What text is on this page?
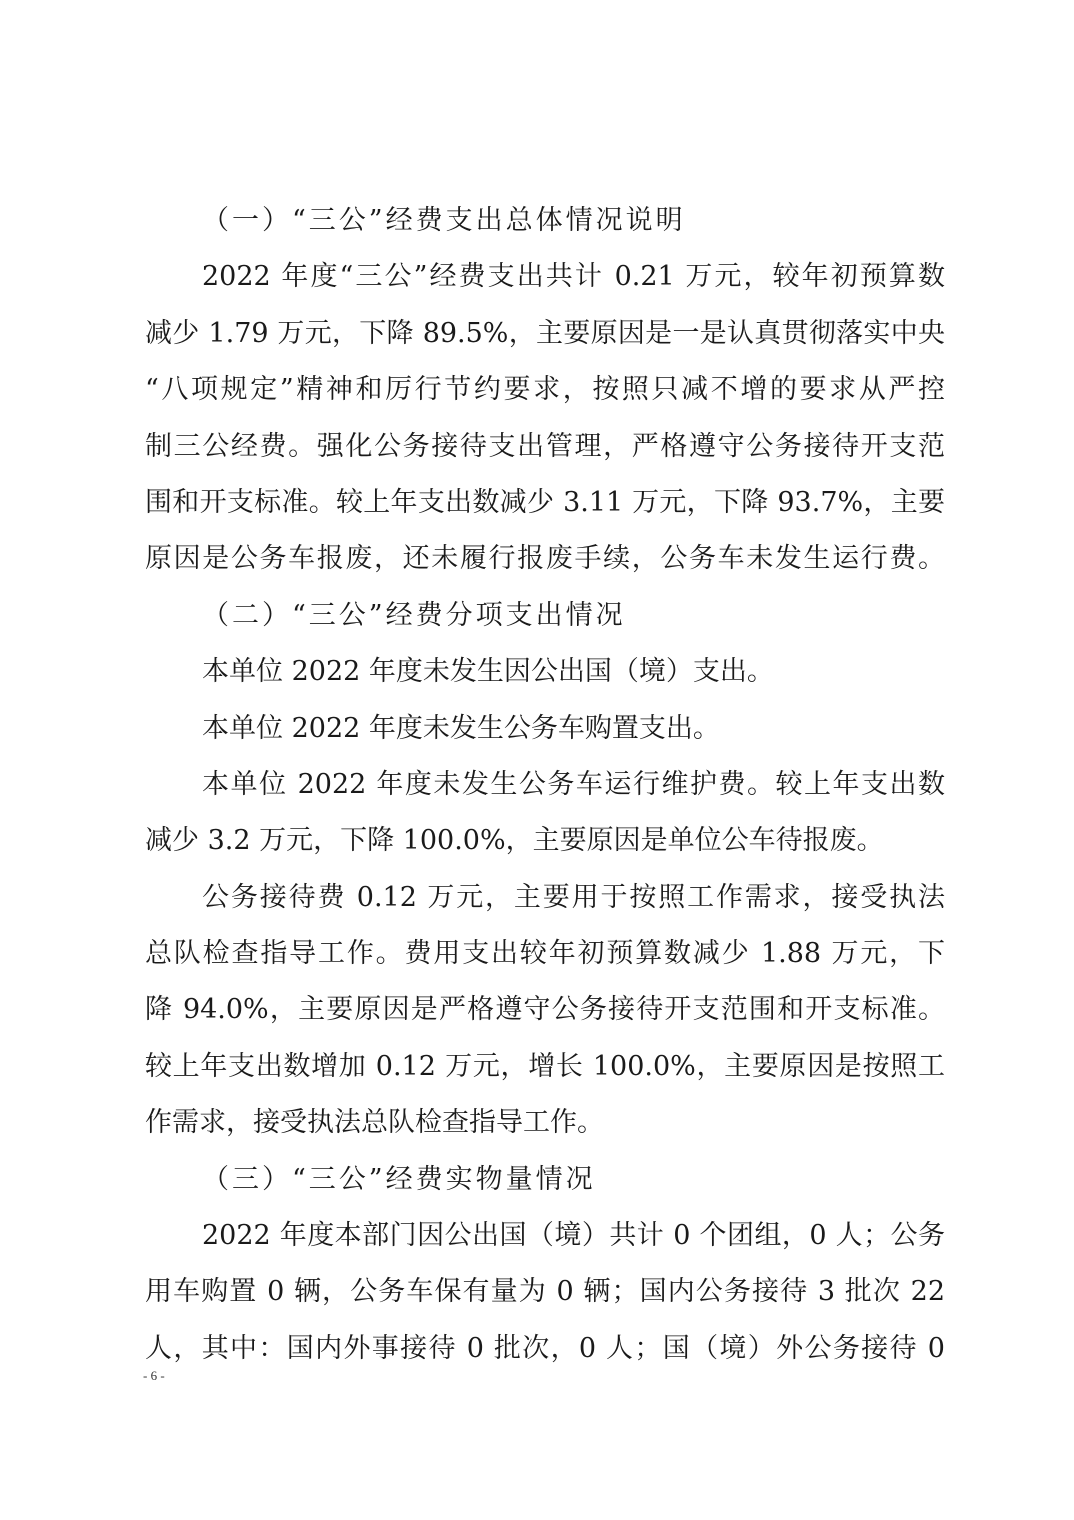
（一）“三公”经费支出总体情况说明
2022 年度“三公”经费支出共计 0.21 万元，较年初预算数
减少 1.79 万元，下降 89.5%，主要原因是一是认真贯彻落实中央
“八项规定”精神和厉行节约要求，按照只减不增的要求从严控
制三公经费。强化公务接待支出管理，严格遵守公务接待开支范
围和开支标准。较上年支出数减少 3.11 万元，下降 93.7%，主要
原因是公务车报废，还未履行报废手续，公务车未发生运行费。
（二）“三公”经费分项支出情况
本单位 2022 年度未发生因公出国（境）支出。
本单位 2022 年度未发生公务车购置支出。
本单位 2022 年度未发生公务车运行维护费。较上年支出数
减少 3.2 万元，下降 100.0%，主要原因是单位公车待报废。
公务接待费 0.12 万元，主要用于按照工作需求，接受执法
总队检查指导工作。费用支出较年初预算数减少 1.88 万元，下
降 94.0%，主要原因是严格遵守公务接待开支范围和开支标准。
较上年支出数增加 0.12 万元，增长 100.0%，主要原因是按照工
作需求，接受执法总队检查指导工作。
（三）“三公”经费实物量情况
2022 年度本部门因公出国（境）共计 0 个团组，0 人；公务
用车购置 0 辆，公务车保有量为 0 辆；国内公务接待 3 批次 22
人，其中：国内外事接待 0 批次，0 人；国（境）外公务接待 0
- 6 -
